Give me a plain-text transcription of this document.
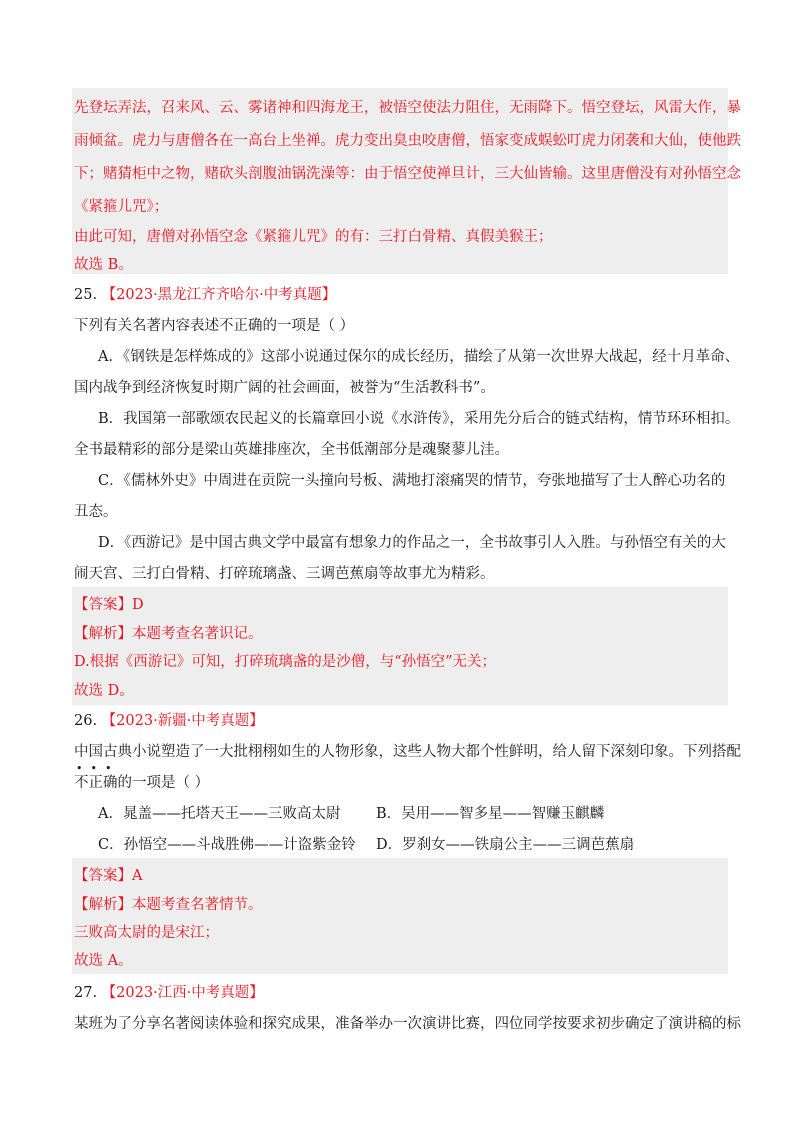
先登坛弄法，召来风、云、雾诸神和四海龙王，被悟空使法力阻住，无雨降下。悟空登坛，风雷大作，暴
雨倾盆。虎力与唐僧各在一高台上坐禅。虎力变出臭虫咬唐僧，悟家变成蜈蚣叮虎力闭袭和大仙，使他跌
下；赌猜柜中之物，赌砍头剖腹油锅洗澡等：由于悟空使禅旦计，三大仙皆输。这里唐僧没有对孙悟空念
《紧箍儿咒》；
由此可知，唐僧对孙悟空念《紧箍儿咒》的有：三打白骨精、真假美猴王；
故选 B。
25. 【2023·黑龙江齐齐哈尔·中考真题】
下列有关名著内容表述不正确的一项是（ ）
A．《钢铁是怎样炼成的》这部小说通过保尔的成长经历，描绘了从第一次世界大战起，经十月革命、
国内战争到经济恢复时期广阔的社会画面，被誉为“生活教科书”。
B．我国第一部歌颂农民起义的长篇章回小说《水浒传》，采用先分后合的链式结构，情节环环相扣。
全书最精彩的部分是梁山英雄排座次，全书低潮部分是魂聚蓼儿洼。
C．《儒林外史》中周进在贡院一头撞向号板、满地打滚痛哭的情节，夸张地描写了士人醉心功名的
丑态。
D．《西游记》是中国古典文学中最富有想象力的作品之一，全书故事引人入胜。与孙悟空有关的大
闹天宫、三打白骨精、打碎琉璃盏、三调芭蕉扇等故事尤为精彩。
【答案】D
【解析】本题考查名著识记。
D.根据《西游记》可知，打碎琉璃盏的是沙僧，与“孙悟空”无关；
故选 D。
26. 【2023·新疆·中考真题】
中国古典小说塑造了一大批栩栩如生的人物形象，这些人物大都个性鲜明，给人留下深刻印象。下列搭配
•••
不正确的一项是（ ）
A．晁盖——托塔天王——三败高太尉 B．吴用——智多星——智赚玉麒麟
C．孙悟空——斗战胜佛——计盗紫金铃 D．罗刹女——铁扇公主——三调芭蕉扇
【答案】A
【解析】本题考查名著情节。
三败高太尉的是宋江；
故选 A。
27. 【2023·江西·中考真题】
某班为了分享名著阅读体验和探究成果，准备举办一次演讲比赛，四位同学按要求初步确定了演讲稿的标
